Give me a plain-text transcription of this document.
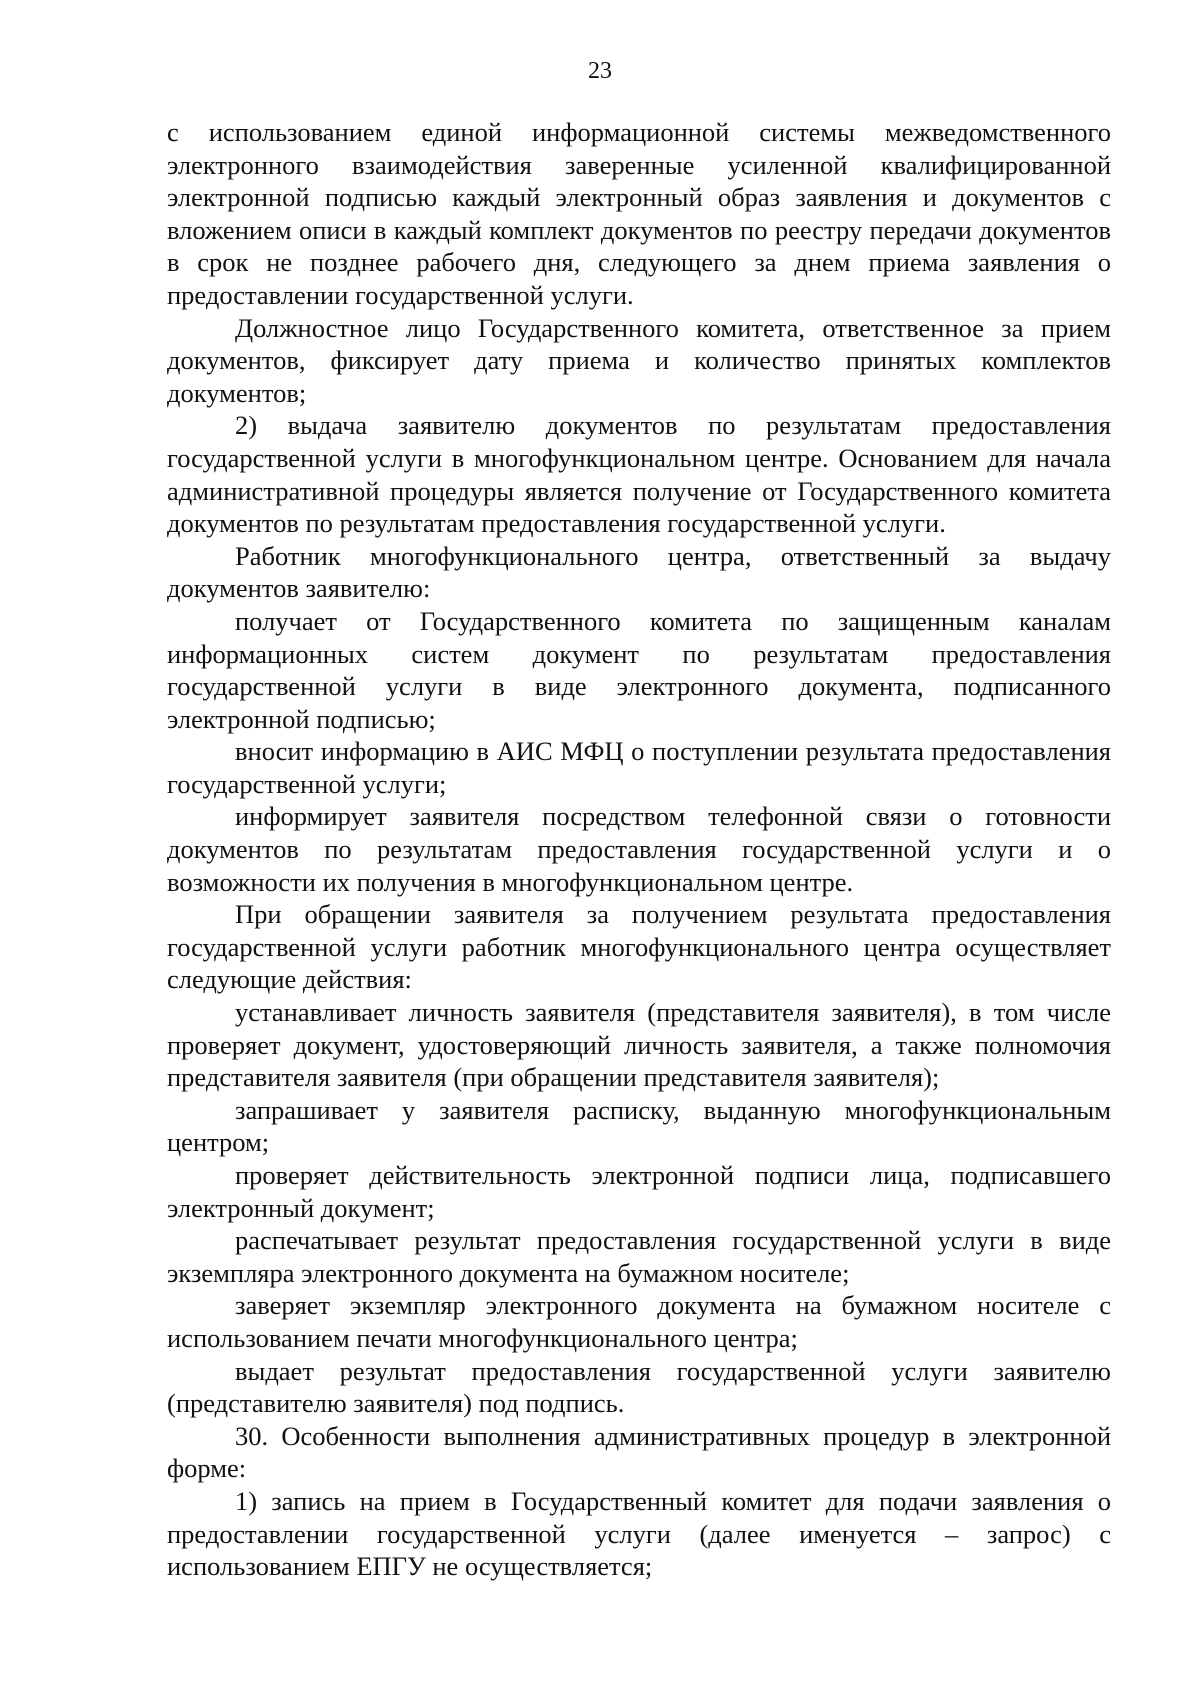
23

с использованием единой информационной системы межведомственного электронного взаимодействия заверенные усиленной квалифицированной электронной подписью каждый электронный образ заявления и документов с вложением описи в каждый комплект документов по реестру передачи документов в срок не позднее рабочего дня, следующего за днем приема заявления о предоставлении государственной услуги.

Должностное лицо Государственного комитета, ответственное за прием документов, фиксирует дату приема и количество принятых комплектов документов;

2) выдача заявителю документов по результатам предоставления государственной услуги в многофункциональном центре. Основанием для начала административной процедуры является получение от Государственного комитета документов по результатам предоставления государственной услуги.

Работник многофункционального центра, ответственный за выдачу документов заявителю:

получает от Государственного комитета по защищенным каналам информационных систем документ по результатам предоставления государственной услуги в виде электронного документа, подписанного электронной подписью;

вносит информацию в АИС МФЦ о поступлении результата предоставления государственной услуги;

информирует заявителя посредством телефонной связи о готовности документов по результатам предоставления государственной услуги и о возможности их получения в многофункциональном центре.

При обращении заявителя за получением результата предоставления государственной услуги работник многофункционального центра осуществляет следующие действия:

устанавливает личность заявителя (представителя заявителя), в том числе проверяет документ, удостоверяющий личность заявителя, а также полномочия представителя заявителя (при обращении представителя заявителя);

запрашивает у заявителя расписку, выданную многофункциональным центром;

проверяет действительность электронной подписи лица, подписавшего электронный документ;

распечатывает результат предоставления государственной услуги в виде экземпляра электронного документа на бумажном носителе;

заверяет экземпляр электронного документа на бумажном носителе с использованием печати многофункционального центра;

выдает результат предоставления государственной услуги заявителю (представителю заявителя) под подпись.

30. Особенности выполнения административных процедур в электронной форме:

1) запись на прием в Государственный комитет для подачи заявления о предоставлении государственной услуги (далее именуется – запрос) с использованием ЕПГУ не осуществляется;
